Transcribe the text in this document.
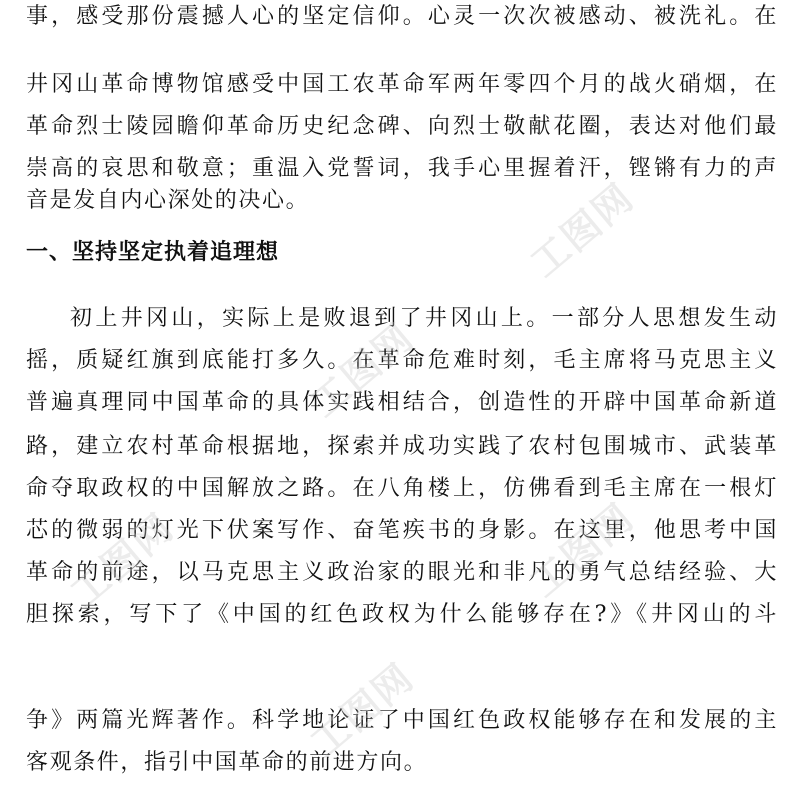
事，感受那份震撼人心的坚定信仰。心灵一次次被感动、被洗礼。在
井冈山革命博物馆感受中国工农革命军两年零四个月的战火硝烟，在
革命烈士陵园瞻仰革命历史纪念碑、向烈士敬献花圈，表达对他们最
崇高的哀思和敬意；重温入党誓词，我手心里握着汗，铿锵有力的声
音是发自内心深处的决心。
一、坚持坚定执着追理想
初上井冈山，实际上是败退到了井冈山上。一部分人思想发生动
摇，质疑红旗到底能打多久。在革命危难时刻，毛主席将马克思主义
普遍真理同中国革命的具体实践相结合，创造性的开辟中国革命新道
路，建立农村革命根据地，探索并成功实践了农村包围城市、武装革
命夺取政权的中国解放之路。在八角楼上，仿佛看到毛主席在一根灯
芯的微弱的灯光下伏案写作、奋笔疾书的身影。在这里，他思考中国
革命的前途，以马克思主义政治家的眼光和非凡的勇气总结经验、大
胆探索，写下了《中国的红色政权为什么能够存在?》《井冈山的斗
争》两篇光辉著作。科学地论证了中国红色政权能够存在和发展的主
客观条件，指引中国革命的前进方向。
工图网
工图网
工图网	工图网
工图网
